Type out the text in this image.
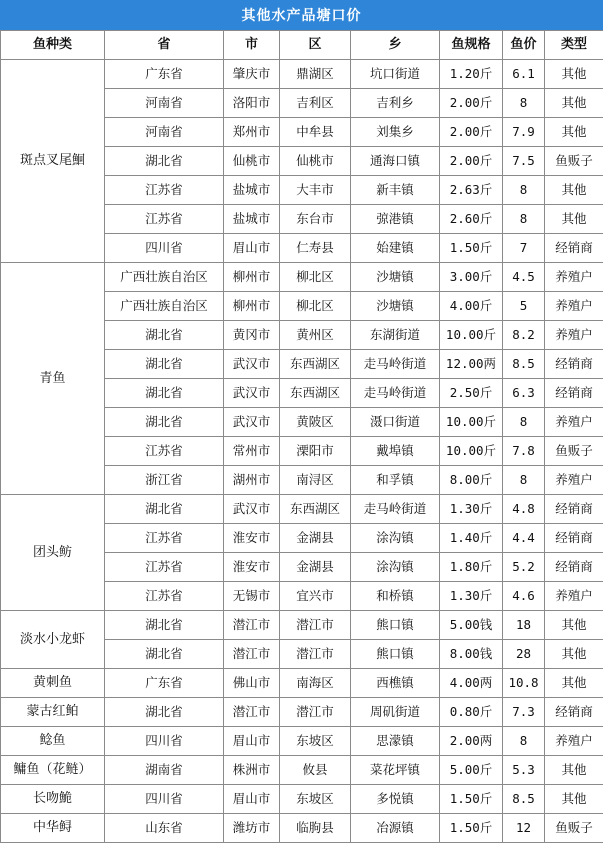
其他水产品塘口价
鱼种类	省	市	区	乡	鱼规格	鱼价	类型
斑点叉尾鮰	广东省	肇庆市	鼎湖区	坑口街道	1.20斤	6.1	其他
	河南省	洛阳市	吉利区	吉利乡	2.00斤	8	其他
	河南省	郑州市	中牟县	刘集乡	2.00斤	7.9	其他
	湖北省	仙桃市	仙桃市	通海口镇	2.00斤	7.5	鱼贩子
	江苏省	盐城市	大丰市	新丰镇	2.63斤	8	其他
	江苏省	盐城市	东台市	弶港镇	2.60斤	8	其他
	四川省	眉山市	仁寿县	始建镇	1.50斤	7	经销商
青鱼	广西壮族自治区	柳州市	柳北区	沙塘镇	3.00斤	4.5	养殖户
	广西壮族自治区	柳州市	柳北区	沙塘镇	4.00斤	5	养殖户
	湖北省	黄冈市	黄州区	东湖街道	10.00斤	8.2	养殖户
	湖北省	武汉市	东西湖区	走马岭街道	12.00两	8.5	经销商
	湖北省	武汉市	东西湖区	走马岭街道	2.50斤	6.3	经销商
	湖北省	武汉市	黄陂区	滠口街道	10.00斤	8	养殖户
	江苏省	常州市	溧阳市	戴埠镇	10.00斤	7.8	鱼贩子
	浙江省	湖州市	南浔区	和孚镇	8.00斤	8	养殖户
团头鲂	湖北省	武汉市	东西湖区	走马岭街道	1.30斤	4.8	经销商
	江苏省	淮安市	金湖县	涂沟镇	1.40斤	4.4	经销商
	江苏省	淮安市	金湖县	涂沟镇	1.80斤	5.2	经销商
	江苏省	无锡市	宜兴市	和桥镇	1.30斤	4.6	养殖户
淡水小龙虾	湖北省	潜江市	潜江市	熊口镇	5.00钱	18	其他
	湖北省	潜江市	潜江市	熊口镇	8.00钱	28	其他
黄刺鱼	广东省	佛山市	南海区	西樵镇	4.00两	10.8	其他
蒙古红鲌	湖北省	潜江市	潜江市	周矶街道	0.80斤	7.3	经销商
鲶鱼	四川省	眉山市	东坡区	思濛镇	2.00两	8	养殖户
鳙鱼（花鲢）	湖南省	株洲市	攸县	菜花坪镇	5.00斤	5.3	其他
长吻鮠	四川省	眉山市	东坡区	多悦镇	1.50斤	8.5	其他
中华鲟	山东省	潍坊市	临朐县	冶源镇	1.50斤	12	鱼贩子
